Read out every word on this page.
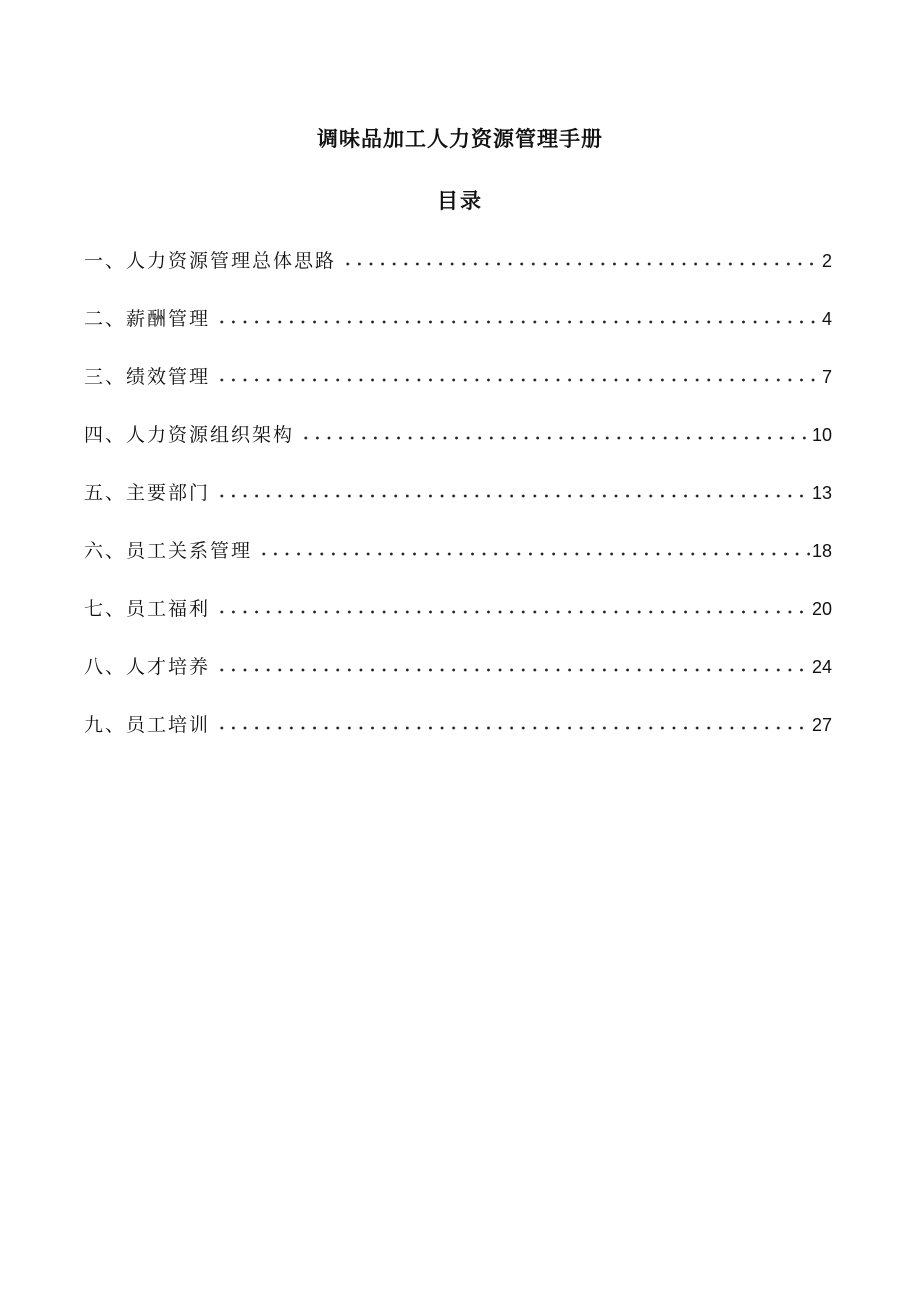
调味品加工人力资源管理手册
目录
一、人力资源管理总体思路	2
二、薪酬管理	4
三、绩效管理	7
四、人力资源组织架构	10
五、主要部门	13
六、员工关系管理	18
七、员工福利	20
八、人才培养	24
九、员工培训	27
